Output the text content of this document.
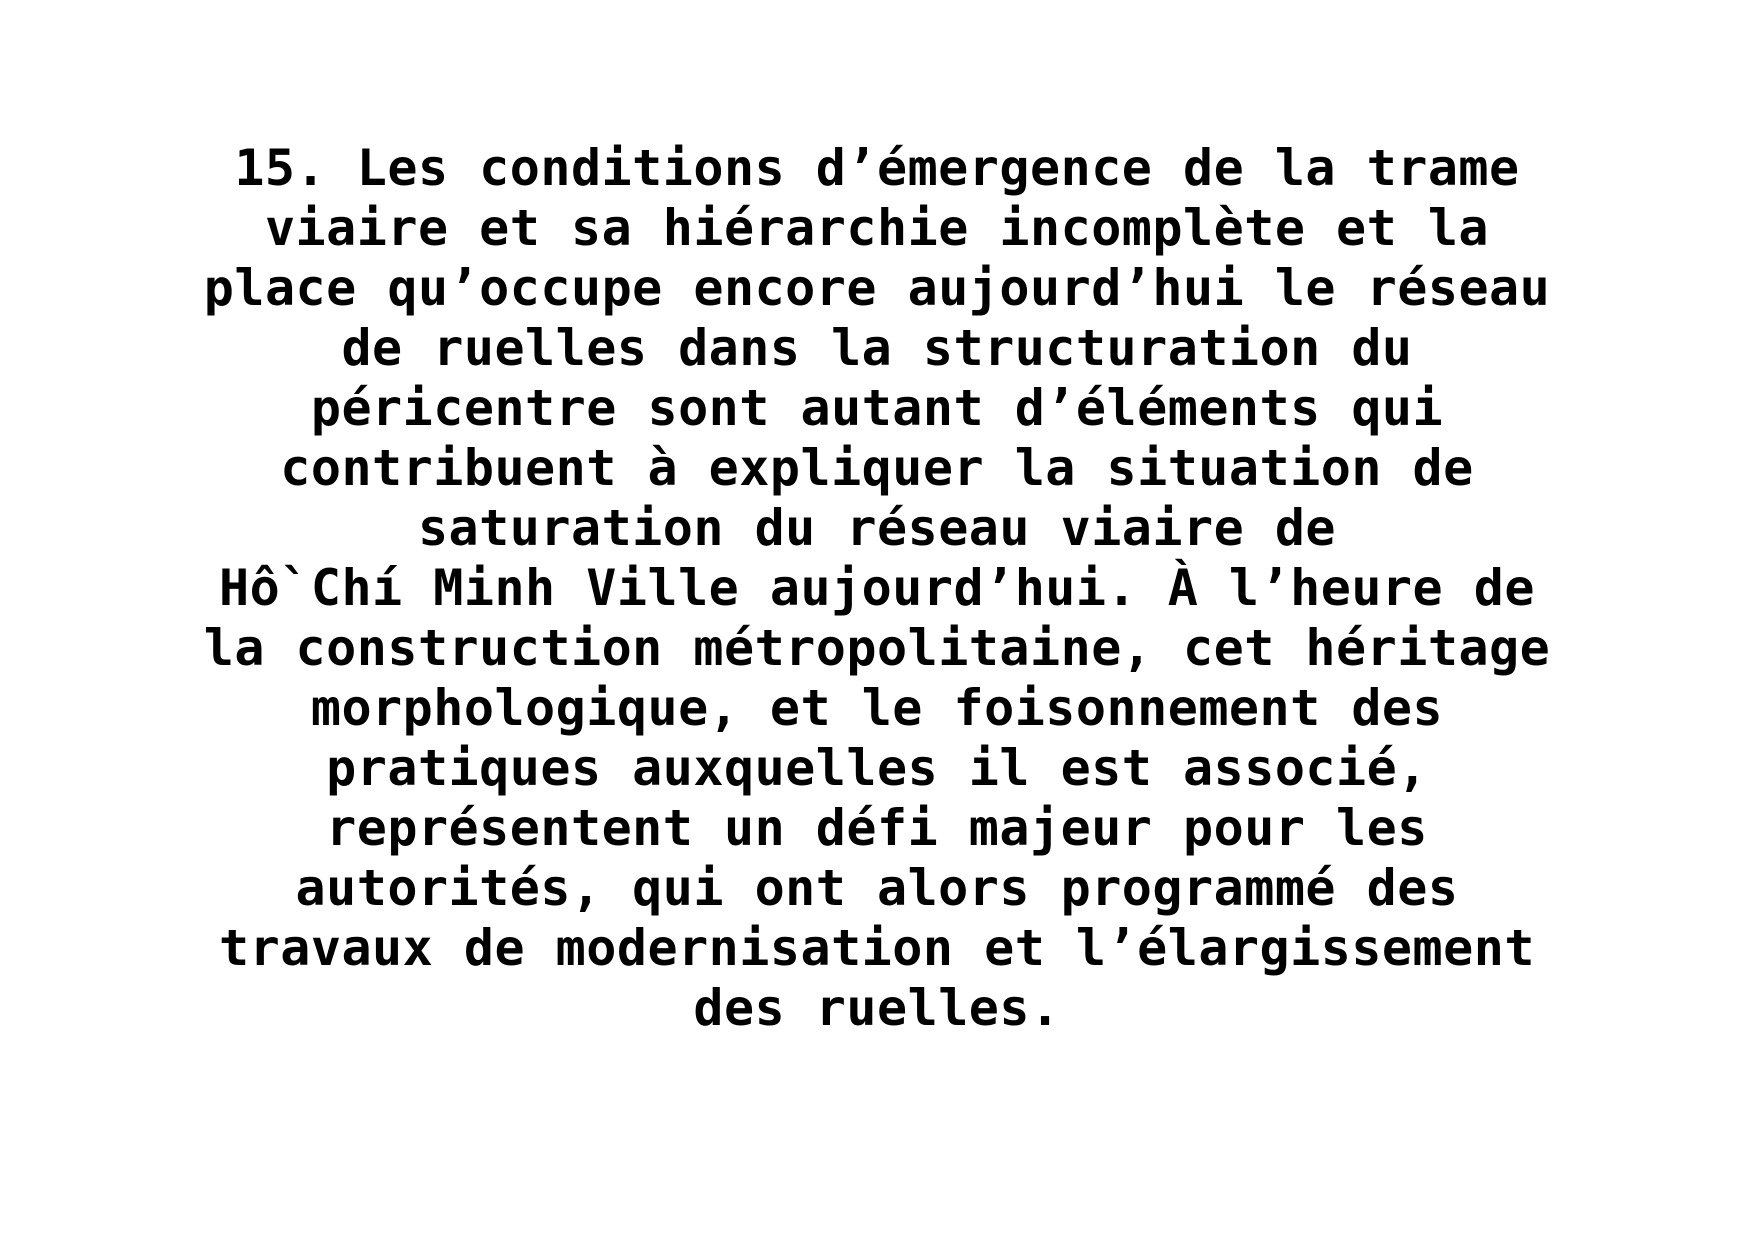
15. Les conditions d’émergence de la trame
viaire et sa hiérarchie incomplète et la
place qu’occupe encore aujourd’hui le réseau
de ruelles dans la structuration du
péricentre sont autant d’éléments qui
contribuent à expliquer la situation de
saturation du réseau viaire de
Hồ Chí Minh Ville aujourd’hui. À l’heure de
la construction métropolitaine, cet héritage
morphologique, et le foisonnement des
pratiques auxquelles il est associé,
représentent un défi majeur pour les
autorités, qui ont alors programmé des
travaux de modernisation et l’élargissement
des ruelles.
